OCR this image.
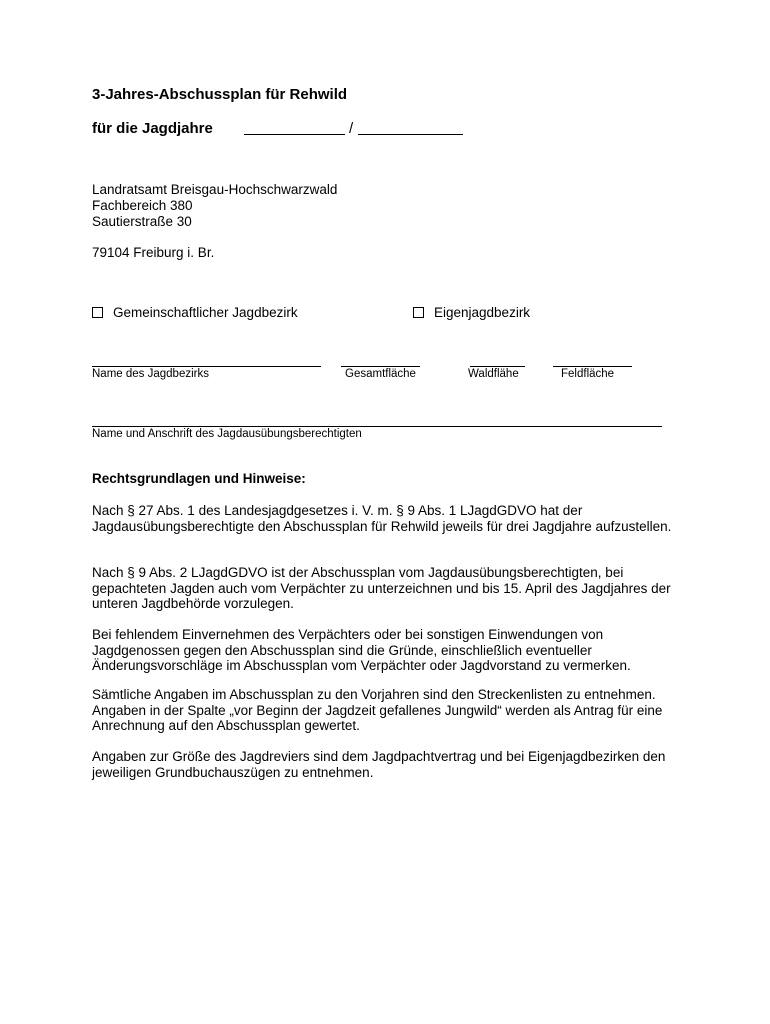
3-Jahres-Abschussplan für Rehwild
für die Jagdjahre	/
Landratsamt Breisgau-Hochschwarzwald
Fachbereich 380
Sautierstraße 30
79104 Freiburg i. Br.
Gemeinschaftlicher Jagdbezirk	Eigenjagdbezirk
Name des Jagdbezirks	Gesamtfläche	Waldflähe	Feldfläche
Name und Anschrift des Jagdausübungsberechtigten
Rechtsgrundlagen und Hinweise:
Nach § 27 Abs. 1 des Landesjagdgesetzes i. V. m. § 9 Abs. 1 LJagdGDVO hat der Jagdausübungsberechtigte den Abschussplan für Rehwild jeweils für drei Jagdjahre aufzustellen.
Nach § 9 Abs. 2 LJagdGDVO ist der Abschussplan vom Jagdausübungsberechtigten, bei gepachteten Jagden auch vom Verpächter zu unterzeichnen und bis 15. April des Jagdjahres der unteren Jagdbehörde vorzulegen.
Bei fehlendem Einvernehmen des Verpächters oder bei sonstigen Einwendungen von Jagdgenossen gegen den Abschussplan sind die Gründe, einschließlich eventueller Änderungsvorschläge im Abschussplan vom Verpächter oder Jagdvorstand zu vermerken.
Sämtliche Angaben im Abschussplan zu den Vorjahren sind den Streckenlisten zu entnehmen. Angaben in der Spalte „vor Beginn der Jagdzeit gefallenes Jungwild“ werden als Antrag für eine Anrechnung auf den Abschussplan gewertet.
Angaben zur Größe des Jagdreviers sind dem Jagdpachtvertrag und bei Eigenjagdbezirken den jeweiligen Grundbuchauszügen zu entnehmen.
